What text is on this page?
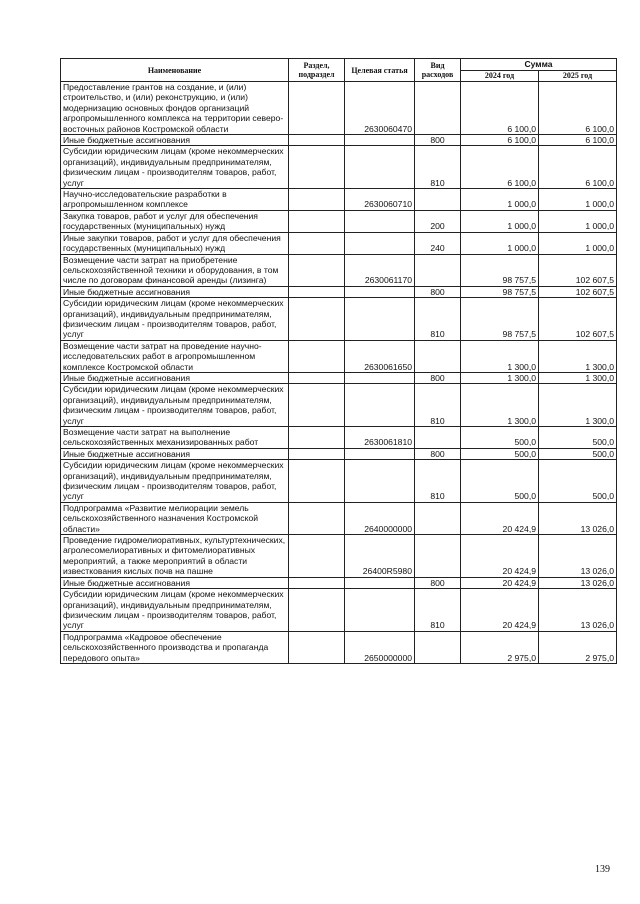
Наименование	Раздел, подраздел	Целевая статья	Вид расходов	Сумма	
				2024 год	2025 год
Предоставление грантов на создание, и (или) строительство, и (или) реконструкцию, и (или) модернизацию основных фондов организаций агропромышленного комплекса на территории северо-восточных районов Костромской области		2630060470		6 100,0	6 100,0
Иные бюджетные ассигнования			800	6 100,0	6 100,0
Субсидии юридическим лицам (кроме некоммерческих организаций), индивидуальным предпринимателям, физическим лицам - производителям товаров, работ, услуг			810	6 100,0	6 100,0
Научно-исследовательские разработки в агропромышленном комплексе		2630060710		1 000,0	1 000,0
Закупка товаров, работ и услуг для обеспечения государственных (муниципальных) нужд			200	1 000,0	1 000,0
Иные закупки товаров, работ и услуг для обеспечения государственных (муниципальных) нужд			240	1 000,0	1 000,0
Возмещение части затрат на приобретение сельскохозяйственной техники и оборудования, в том числе по договорам финансовой аренды (лизинга)		2630061170		98 757,5	102 607,5
Иные бюджетные ассигнования			800	98 757,5	102 607,5
Субсидии юридическим лицам (кроме некоммерческих организаций), индивидуальным предпринимателям, физическим лицам - производителям товаров, работ, услуг			810	98 757,5	102 607,5
Возмещение части затрат на проведение научно-исследовательских работ в агропромышленном комплексе Костромской области		2630061650		1 300,0	1 300,0
Иные бюджетные ассигнования			800	1 300,0	1 300,0
Субсидии юридическим лицам (кроме некоммерческих организаций), индивидуальным предпринимателям, физическим лицам - производителям товаров, работ, услуг			810	1 300,0	1 300,0
Возмещение части затрат на выполнение сельскохозяйственных механизированных работ		2630061810		500,0	500,0
Иные бюджетные ассигнования			800	500,0	500,0
Субсидии юридическим лицам (кроме некоммерческих организаций), индивидуальным предпринимателям, физическим лицам - производителям товаров, работ, услуг			810	500,0	500,0
Подпрограмма «Развитие мелиорации земель сельскохозяйственного назначения Костромской области»		2640000000		20 424,9	13 026,0
Проведение гидромелиоративных, культуртехнических, агролесомелиоративных и фитомелиоративных мероприятий, а также мероприятий в области известкования кислых почв на пашне		26400R5980		20 424,9	13 026,0
Иные бюджетные ассигнования			800	20 424,9	13 026,0
Субсидии юридическим лицам (кроме некоммерческих организаций), индивидуальным предпринимателям, физическим лицам - производителям товаров, работ, услуг			810	20 424,9	13 026,0
Подпрограмма «Кадровое обеспечение сельскохозяйственного производства и пропаганда передового опыта»		2650000000		2 975,0	2 975,0
139
